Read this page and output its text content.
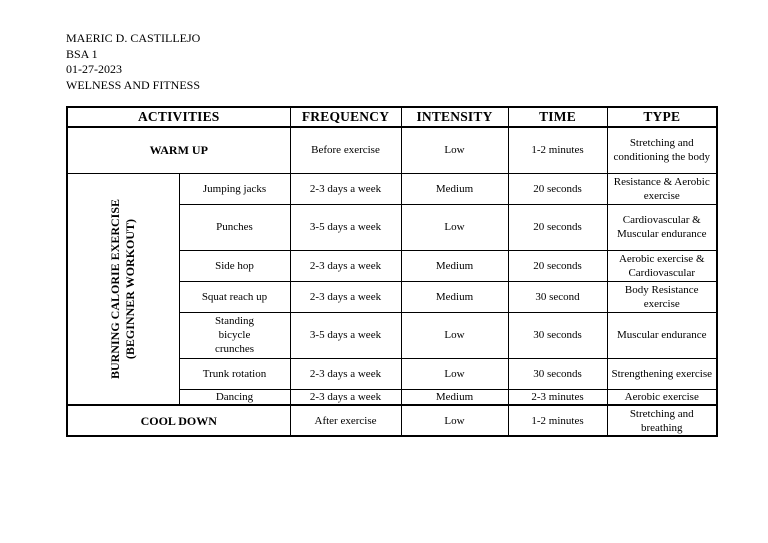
MAERIC D. CASTILLEJO
BSA 1
01-27-2023
WELNESS AND FITNESS
ACTIVITIES		FREQUENCY	INTENSITY	TIME	TYPE
WARM UP		Before exercise	Low	1-2 minutes	Stretching and conditioning the body

BURNING CALORIE EXERCISE (BEGINNER WORKOUT)	Jumping jacks	2-3 days a week	Medium	20 seconds	Resistance & Aerobic exercise
	Punches	3-5 days a week	Low	20 seconds	Cardiovascular & Muscular endurance
	Side hop	2-3 days a week	Medium	20 seconds	Aerobic exercise & Cardiovascular
	Squat reach up	2-3 days a week	Medium	30 second	Body Resistance exercise
	Standing bicycle crunches	3-5 days a week	Low	30 seconds	Muscular endurance
	Trunk rotation	2-3 days a week	Low	30 seconds	Strengthening exercise
	Dancing	2-3 days a week	Medium	2-3 minutes	Aerobic exercise
COOL DOWN		After exercise	Low	1-2 minutes	Stretching and breathing
